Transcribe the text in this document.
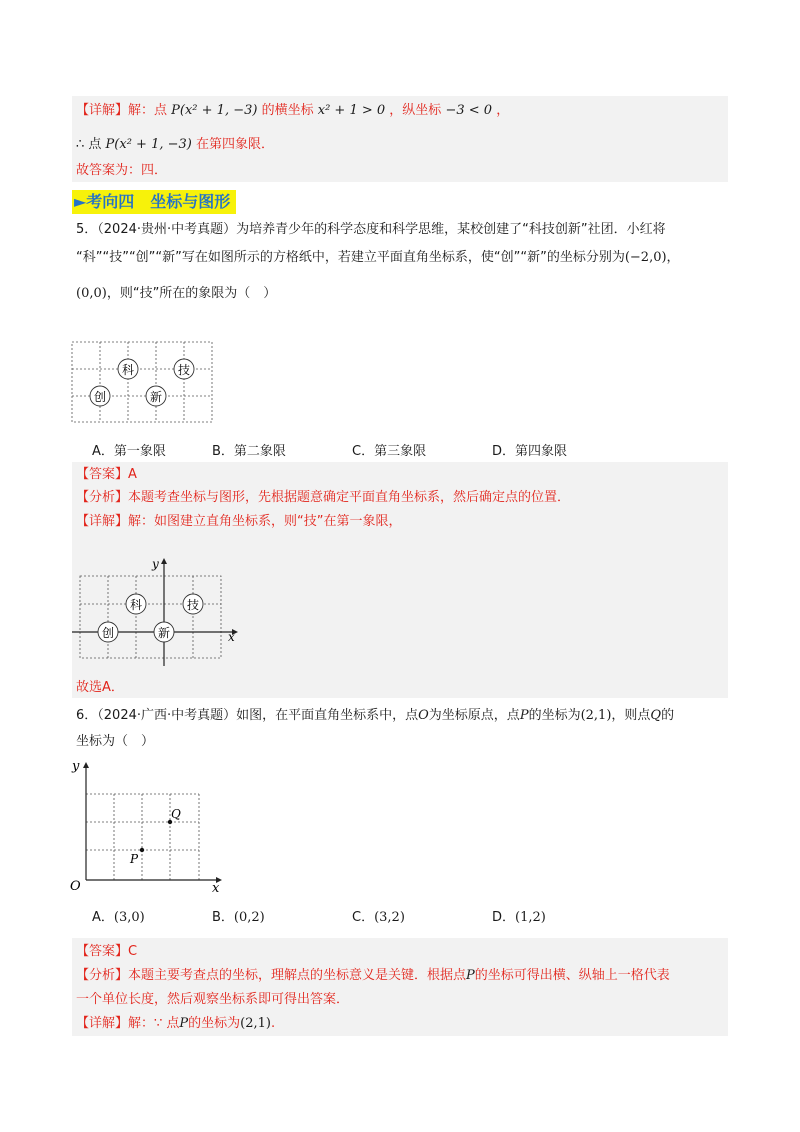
【详解】解：点 P(x² + 1, −3) 的横坐标 x² + 1 > 0 ，纵坐标 −3 < 0 ，
∴ 点 P(x² + 1, −3) 在第四象限．
故答案为：四．
►考向四　坐标与图形
5．（2024·贵州·中考真题）为培养青少年的科学态度和科学思维，某校创建了“科技创新”社团．小红将
“科”“技”“创”“新”写在如图所示的方格纸中，若建立平面直角坐标系，使“创”“新”的坐标分别为(−2,0)，
(0,0)，则“技”所在的象限为（　）
科	技
创	新
A．第一象限	B．第二象限	C．第三象限	D．第四象限
【答案】A
【分析】本题考查坐标与图形，先根据题意确定平面直角坐标系，然后确定点的位置．
【详解】解：如图建立直角坐标系，则“技”在第一象限，
x
y
科	技
创	新
故选A．
6．（2024·广西·中考真题）如图，在平面直角坐标系中，点O为坐标原点，点P的坐标为(2,1)，则点Q的
坐标为（　）
y
x
O
P
Q
A．(3,0)	B．(0,2)	C．(3,2)	D．(1,2)
【答案】C
【分析】本题主要考查点的坐标，理解点的坐标意义是关键．根据点P的坐标可得出横、纵轴上一格代表
一个单位长度，然后观察坐标系即可得出答案．
【详解】解：∵ 点P的坐标为(2,1).
